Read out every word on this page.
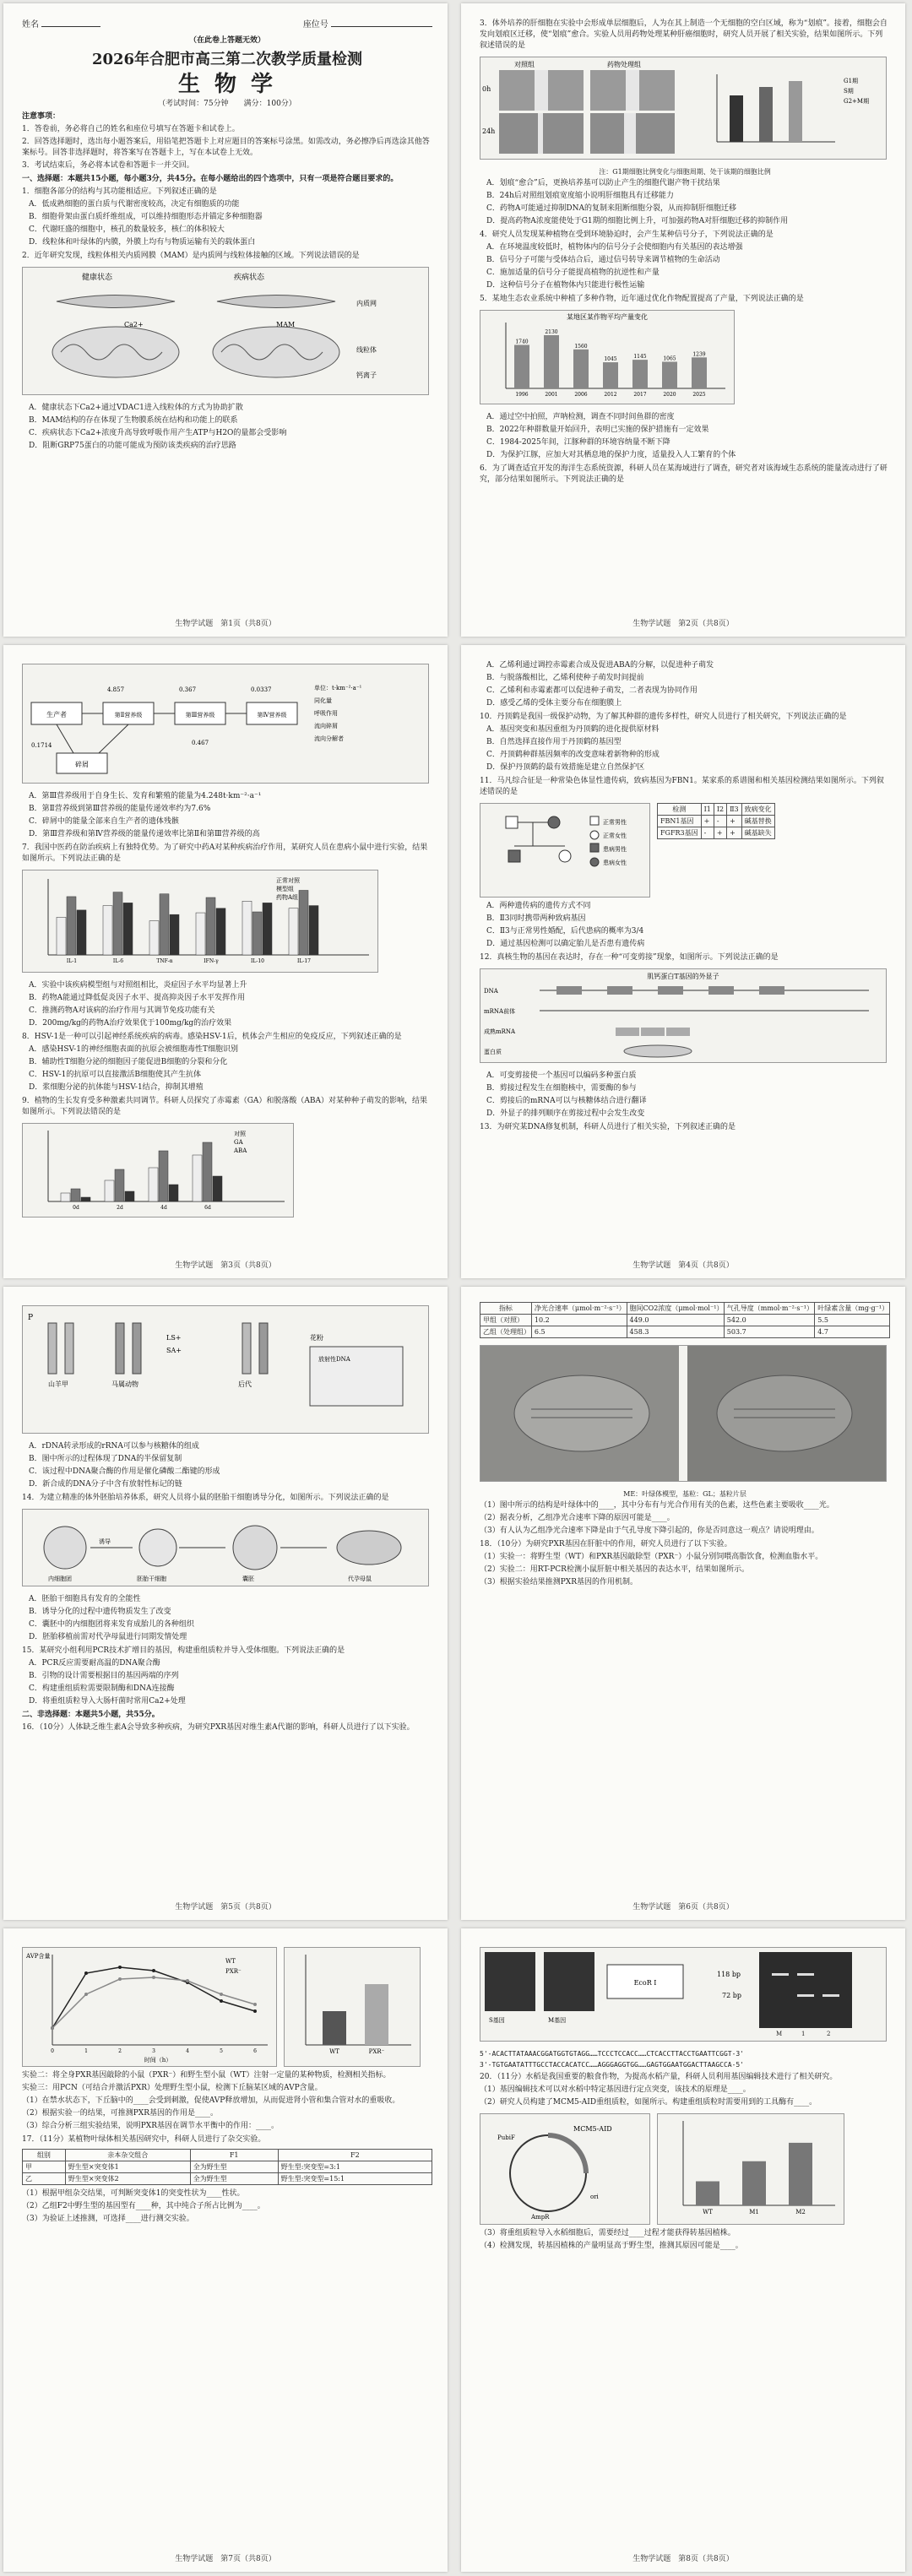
姓名	座位号

（在此卷上答题无效）

2026年合肥市高三第二次教学质量检测
生 物 学

（考试时间：75分钟　　满分：100分）

注意事项：

1．答卷前，务必将自己的姓名和座位号填写在答题卡和试卷上。

2．回答选择题时，选出每小题答案后，用铅笔把答题卡上对应题目的答案标号涂黑。如需改动，务必擦净后再选涂其他答案标号。回答非选择题时，将答案写在答题卡上，写在本试卷上无效。

3．考试结束后，务必将本试卷和答题卡一并交回。

一、选择题：本题共15小题，每小题3分，共45分。在每小题给出的四个选项中，只有一项是符合题目要求的。

1．细胞各部分的结构与其功能相适应。下列叙述正确的是

A．低成熟细胞的蛋白质与代谢密度较高，决定有细胞质的功能

B．细胞骨架由蛋白质纤维组成，可以维持细胞形态并锚定多种细胞器

C．代谢旺盛的细胞中，核孔的数量较多，核仁的体积较大

D．线粒体和叶绿体的内膜，外膜上均有与物质运输有关的载体蛋白

2．近年研究发现，线粒体相关内质网膜（MAM）是内质网与线粒体接触的区域。下列说法错误的是

健康状态	疾病状态
内质网
线粒体
Ca2+	MAM
钙离子

A．健康状态下Ca2+通过VDAC1进入线粒体的方式为协助扩散

B．MAM结构的存在体现了生物膜系统在结构和功能上的联系

C．疾病状态下Ca2+浓度升高导致呼吸作用产生ATP与H2O的量都会受影响

D．阻断GRP75蛋白的功能可能成为预防该类疾病的治疗思路

生物学试题　第1页（共8页）

3．体外培养的肝细胞在实验中会形成单层细胞后，人为在其上制造一个无细胞的空白区域，称为“划痕”。接着，细胞会自发向划痕区迁移，使“划痕”愈合。实验人员用药物处理某种肝癌细胞时，研究人员开展了相关实验，结果如图所示。下列叙述错误的是

对照组	药物处理组
0h
24h
G1期
S期
G2+M期

注：G1期细胞比例变化与细胞周期、处于该期的细胞比例

A．划痕“愈合”后，更换培养基可以防止产生的细胞代谢产物干扰结果

B．24h后对照组划痕宽度缩小说明肝细胞具有迁移能力

C．药物A可能通过抑制DNA的复制来阻断细胞分裂，从而抑制肝细胞迁移

D．提高药物A浓度能使处于G1期的细胞比例上升，可加强药物A对肝细胞迁移的抑制作用

4．研究人员发现某种植物在受到环境胁迫时，会产生某种信号分子，下列说法正确的是

A．在环境温度较低时，植物体内的信号分子会使细胞内有关基因的表达增强

B．信号分子可能与受体结合后，通过信号转导来调节植物的生命活动

C．施加适量的信号分子能提高植物的抗逆性和产量

D．这种信号分子在植物体内只能进行极性运输

5．某地生态农业系统中种植了多种作物，近年通过优化作物配置提高了产量，下列说法正确的是

某地区某作物平均产量变化
1740
1996
2130
2001
1560
2006
1045
2012
1145
2017
1065
2020
1239
2025

A．通过空中拍照，声呐检测，调查不同时间鱼群的密度

B．2022年种群数量开始回升，表明已实施的保护措施有一定效果

C．1984-2025年间，江豚种群的环境容纳量不断下降

D．为保护江豚，应加大对其栖息地的保护力度，适量投入人工繁育的个体

6．为了调查适宜开发的海洋生态系统资源，科研人员在某海域进行了调查，研究者对该海域生态系统的能量流动进行了研究，部分结果如图所示。下列说法正确的是

生物学试题　第2页（共8页）
生产者	第Ⅱ营养级	第Ⅲ营养级	第Ⅳ营养级
碎屑
4.857
0.1714
0.367	0.0337
0.467
单位：t·km⁻²·a⁻¹
同化量
呼吸作用
流向碎屑
流向分解者

A．第Ⅲ营养级用于自身生长、发育和繁殖的能量为4.248t·km⁻²·a⁻¹

B．第Ⅱ营养级到第Ⅲ营养级的能量传递效率约为7.6%

C．碎屑中的能量全部来自生产者的遗体残骸

D．第Ⅲ营养级和第Ⅳ营养级的能量传递效率比第Ⅱ和第Ⅲ营养级的高

7．我国中医药在防治疾病上有独特优势。为了研究中药A对某种疾病治疗作用，某研究人员在患病小鼠中进行实验，结果如图所示。下列说法正确的是

正常对照
模型组
药物A组
IL-1	IL-6	TNF-α	IFN-γ	IL-10	IL-17

A．实验中该疾病模型组与对照组相比，炎症因子水平均显著上升

B．药物A能通过降低促炎因子水平、提高抑炎因子水平发挥作用

C．推测药物A对该病的治疗作用与其调节免疫功能有关

D．200mg/kg的药物A治疗效果优于100mg/kg的治疗效果

8．HSV-1是一种可以引起神经系统疾病的病毒。感染HSV-1后，机体会产生相应的免疫反应，下列叙述正确的是

A．感染HSV-1的神经细胞表面的抗原会被细胞毒性T细胞识别

B．辅助性T细胞分泌的细胞因子能促进B细胞的分裂和分化

C．HSV-1的抗原可以直接激活B细胞使其产生抗体

D．浆细胞分泌的抗体能与HSV-1结合，抑制其增殖

9．植物的生长发育受多种激素共同调节。科研人员探究了赤霉素（GA）和脱落酸（ABA）对某种种子萌发的影响，结果如图所示。下列说法错误的是

对照
GA
ABA
0d	2d	4d	6d
生物学试题　第3页（共8页）

A．乙烯利通过调控赤霉素合成及促进ABA的分解，以促进种子萌发

B．与脱落酸相比，乙烯利使种子萌发时间提前

C．乙烯利和赤霉素都可以促进种子萌发，二者表现为协同作用

D．感受乙烯的受体主要分布在细胞膜上

10．丹顶鹤是我国一级保护动物，为了解其种群的遗传多样性，研究人员进行了相关研究，下列说法正确的是

A．基因突变和基因重组为丹顶鹤的进化提供原材料

B．自然选择直接作用于丹顶鹤的基因型

C．丹顶鹤种群基因频率的改变意味着新物种的形成

D．保护丹顶鹤的最有效措施是建立自然保护区

11．马凡综合征是一种常染色体显性遗传病，致病基因为FBN1。某家系的系谱图和相关基因检测结果如图所示。下列叙述错误的是

正常男性
正常女性
患病男性
患病女性
检测	Ⅰ1	Ⅰ2	Ⅱ3	致病变化
FBN1基因	+	-	+	碱基替换
FGFR3基因	-	+	+	碱基缺失

A．两种遗传病的遗传方式不同

B．Ⅱ3同时携带两种致病基因

C．Ⅱ3与正常男性婚配，后代患病的概率为3/4

D．通过基因检测可以确定胎儿是否患有遗传病

12．真核生物的基因在表达时，存在一种“可变剪接”现象，如图所示。下列说法正确的是

肌钙蛋白T基因的外显子
DNA
mRNA前体
成熟mRNA
蛋白质

A．可变剪接使一个基因可以编码多种蛋白质

B．剪接过程发生在细胞核中，需要酶的参与

C．剪接后的mRNA可以与核糖体结合进行翻译

D．外显子的排列顺序在剪接过程中会发生改变

13．为研究某DNA修复机制，科研人员进行了相关实验，下列叙述正确的是

生物学试题　第4页（共8页）
P
山羊甲	马属动物
LS+
SA+
后代
花粉
放射性DNA

A．rDNA转录形成的rRNA可以参与核糖体的组成

B．图中所示的过程体现了DNA的半保留复制

C．该过程中DNA聚合酶的作用是催化磷酸二酯键的形成

D．新合成的DNA分子中含有放射性标记的链

14．为建立精准的体外胚胎培养体系，研究人员将小鼠的胚胎干细胞诱导分化，如图所示。下列说法正确的是

内细胞团	胚胎干细胞
诱导
囊胚	代孕母鼠

A．胚胎干细胞具有发育的全能性

B．诱导分化的过程中遗传物质发生了改变

C．囊胚中的内细胞团将来发育成胎儿的各种组织

D．胚胎移植前需对代孕母鼠进行同期发情处理

15．某研究小组利用PCR技术扩增目的基因，构建重组质粒并导入受体细胞。下列说法正确的是

A．PCR反应需要耐高温的DNA聚合酶

B．引物的设计需要根据目的基因两端的序列

C．构建重组质粒需要限制酶和DNA连接酶

D．将重组质粒导入大肠杆菌时常用Ca2+处理

二、非选择题：本题共5小题，共55分。

16．（10分）人体缺乏维生素A会导致多种疾病，为研究PXR基因对维生素A代谢的影响，科研人员进行了以下实验。

生物学试题　第5页（共8页）
指标	净光合速率（μmol·m⁻²·s⁻¹）	胞间CO2浓度（μmol·mol⁻¹）	气孔导度（mmol·m⁻²·s⁻¹）	叶绿素含量（mg·g⁻¹）
甲组（对照）	10.2	449.0	542.0	5.5
乙组（处理组）	6.5	458.3	503.7	4.7

ME：叶绿体模型，基粒：GL；基粒片层

（1）图中所示的结构是叶绿体中的____，其中分布有与光合作用有关的色素，这些色素主要吸收____光。

（2）据表分析，乙组净光合速率下降的原因可能是____。

（3）有人认为乙组净光合速率下降是由于气孔导度下降引起的，你是否同意这一观点？请说明理由。

18．（10分）为研究PXR基因在肝脏中的作用，研究人员进行了以下实验。

（1）实验一：将野生型（WT）和PXR基因敲除型（PXR⁻）小鼠分别饲喂高脂饮食，检测血脂水平。

（2）实验二：用RT-PCR检测小鼠肝脏中相关基因的表达水平，结果如图所示。

（3）根据实验结果推测PXR基因的作用机制。

生物学试题　第6页（共8页）
时间（h）
AVP含量
WT
PXR⁻
0	1	2	3	4	5	6	WT	PXR⁻

实验二：将全身PXR基因敲除的小鼠（PXR⁻）和野生型小鼠（WT）注射一定量的某种物质，检测相关指标。

实验三：用PCN（可结合并激活PXR）处理野生型小鼠，检测下丘脑某区域的AVP含量。

（1）在禁水状态下，下丘脑中的____会受到刺激，促使AVP释放增加，从而促进肾小管和集合管对水的重吸收。

（2）根据实验一的结果，可推测PXR基因的作用是____。

（3）综合分析三组实验结果，说明PXR基因在调节水平衡中的作用：____。

17．（11分）某植物叶绿体相关基因研究中，科研人员进行了杂交实验。

组别	亲本杂交组合	F1	F2
甲	野生型×突变体1	全为野生型	野生型:突变型=3:1
乙	野生型×突变体2	全为野生型	野生型:突变型=15:1

（1）根据甲组杂交结果，可判断突变体1的突变性状为____性状。

（2）乙组F2中野生型的基因型有____种，其中纯合子所占比例为____。

（3）为验证上述推测，可选择____进行测交实验。

生物学试题　第7页（共8页）
S基因	M基因
EcoR Ⅰ
118 bp
72 bp
M	1	2

5'-ACACTTATAAACGGATGGTGTAGG……TCCCTCCACC……CTCACCTTACCTGAATTCGGT-3'

3'-TGTGAATATTTGCCTACCACATCC……AGGGAGGTGG……GAGTGGAATGGACTTAAGCCA-5'

20．（11分）水稻是我国重要的粮食作物，为提高水稻产量，科研人员利用基因编辑技术进行了相关研究。

（1）基因编辑技术可以对水稻中特定基因进行定点突变，该技术的原理是____。

（2）研究人员构建了MCM5-AID重组质粒，如图所示。构建重组质粒时需要用到的工具酶有____。

MCM5-AID
PubiF
AmpR
ori
WT	M1	M2

（3）将重组质粒导入水稻细胞后，需要经过____过程才能获得转基因植株。

（4）检测发现，转基因植株的产量明显高于野生型，推测其原因可能是____。

生物学试题　第8页（共8页）
